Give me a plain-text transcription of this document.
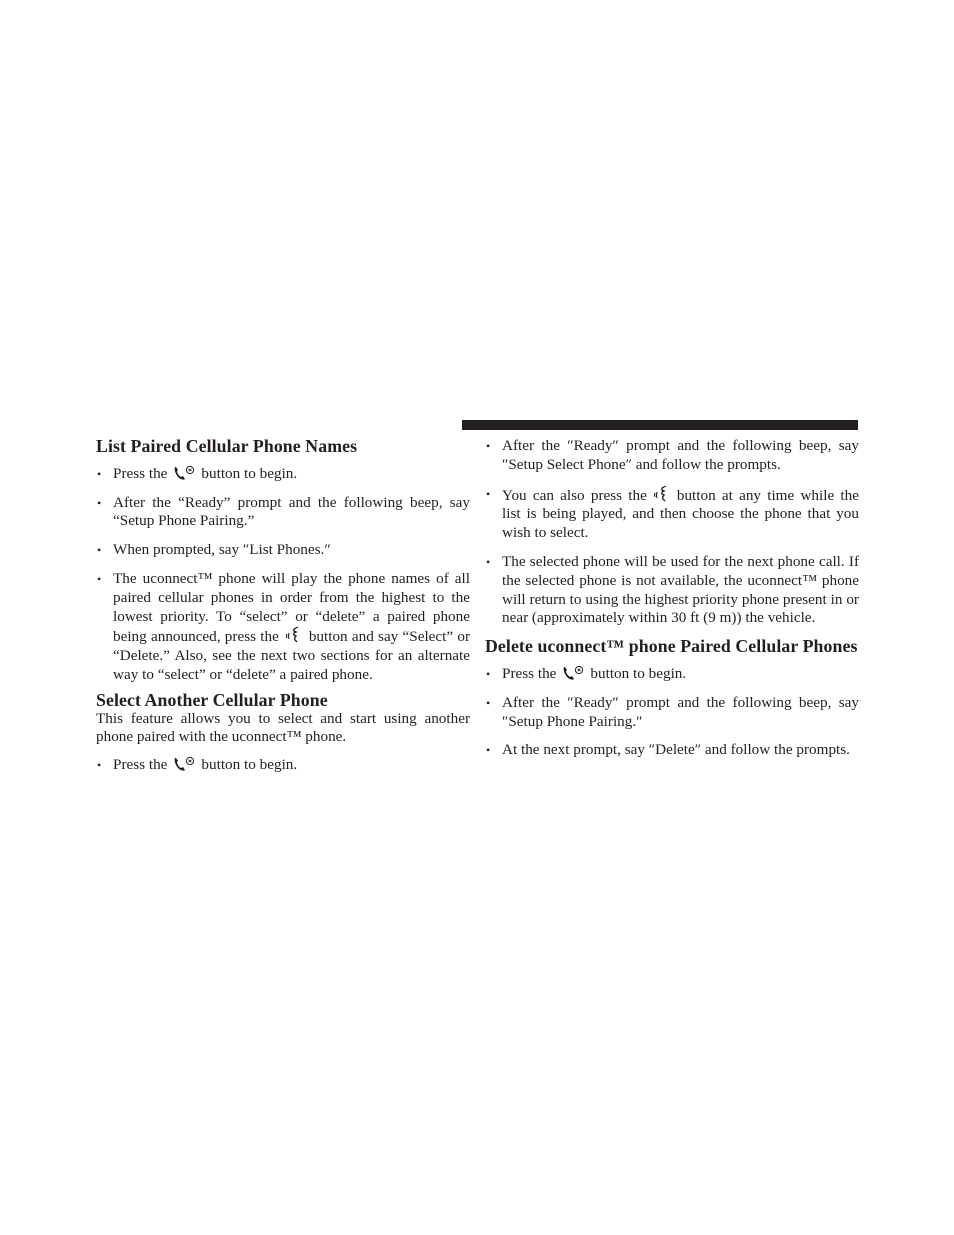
List Paired Cellular Phone Names
• Press the button to begin.
• After the “Ready” prompt and the following beep, say “Setup Phone Pairing.”
• When prompted, say ″List Phones.″
• The uconnect™ phone will play the phone names of all paired cellular phones in order from the highest to the lowest priority. To “select” or “delete” a paired phone being announced, press the button and say “Select” or “Delete.” Also, see the next two sections for an alternate way to “select” or “delete” a paired phone.
Select Another Cellular Phone

This feature allows you to select and start using another phone paired with the uconnect™ phone.

• Press the button to begin.
• After the ″Ready″ prompt and the following beep, say ″Setup Select Phone″ and follow the prompts.
• You can also press the button at any time while the list is being played, and then choose the phone that you wish to select.
• The selected phone will be used for the next phone call. If the selected phone is not available, the uconnect™ phone will return to using the highest priority phone present in or near (approximately within 30 ft (9 m)) the vehicle.
Delete uconnect™ phone Paired Cellular Phones
• Press the button to begin.
• After the ″Ready″ prompt and the following beep, say ″Setup Phone Pairing.″
• At the next prompt, say ″Delete″ and follow the prompts.
